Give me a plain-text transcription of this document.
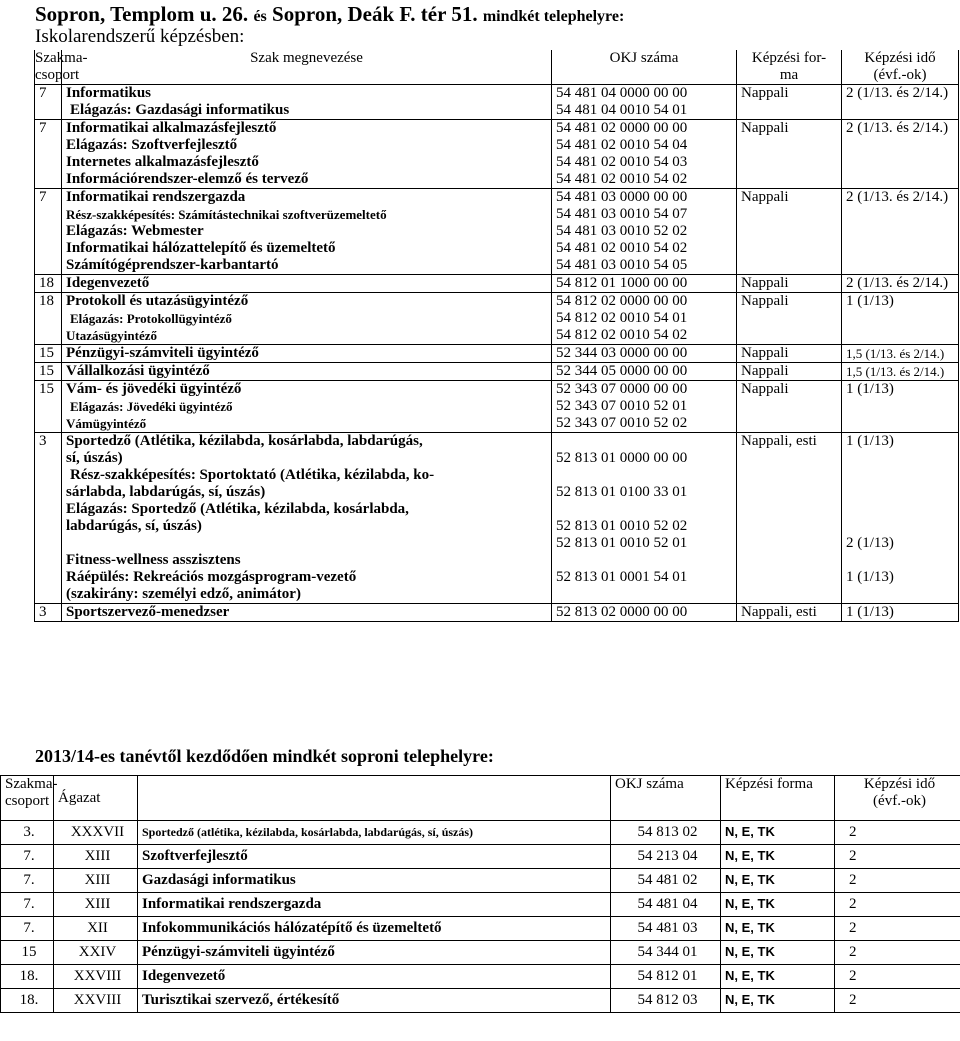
Sopron, Templom u. 26. és Sopron, Deák F. tér 51. mindkét telephelyre:
Iskolarendszerű képzésben:
Szakma-
csoport	Szak megnevezése	OKJ száma	Képzési for-
ma	Képzési idő
(évf.-ok)
7	Informatikus	54 481 04 0000 00 00	Nappali	2 (1/13. és 2/14.)
	Elágazás: Gazdasági informatikus	54 481 04 0010 54 01		
7	Informatikai alkalmazásfejlesztő	54 481 02 0000 00 00	Nappali	2 (1/13. és 2/14.)
	Elágazás: Szoftverfejlesztő	54 481 02 0010 54 04		
	Internetes alkalmazásfejlesztő	54 481 02 0010 54 03		
	Információrendszer-elemző és tervező	54 481 02 0010 54 02		
7	Informatikai rendszergazda	54 481 03 0000 00 00	Nappali	2 (1/13. és 2/14.)
	Rész-szakképesítés: Számítástechnikai szoftverüzemeltető	54 481 03 0010 54 07		
	Elágazás: Webmester	54 481 03 0010 52 02		
	Informatikai hálózattelepítő és üzemeltető	54 481 02 0010 54 02		
	Számítógéprendszer-karbantartó	54 481 03 0010 54 05		
18	Idegenvezető	54 812 01 1000 00 00	Nappali	2 (1/13. és 2/14.)
18	Protokoll és utazásügyintéző	54 812 02 0000 00 00	Nappali	1 (1/13)
	Elágazás: Protokollügyintéző	54 812 02 0010 54 01		
	Utazásügyintéző	54 812 02 0010 54 02		
15	Pénzügyi-számviteli ügyintéző	52 344 03 0000 00 00	Nappali	1,5 (1/13. és 2/14.)
15	Vállalkozási ügyintéző	52 344 05 0000 00 00	Nappali	1,5 (1/13. és 2/14.)
15	Vám- és jövedéki ügyintéző	52 343 07 0000 00 00	Nappali	1 (1/13)
	Elágazás: Jövedéki ügyintéző	52 343 07 0010 52 01		
	Vámügyintéző	52 343 07 0010 52 02		
3	Sportedző (Atlétika, kézilabda, kosárlabda, labdarúgás,		Nappali, esti	1 (1/13)
	sí, úszás)	52 813 01 0000 00 00		
	Rész-szakképesítés: Sportoktató (Atlétika, kézilabda, ko-			
	sárlabda, labdarúgás, sí, úszás)	52 813 01 0100 33 01		
	Elágazás: Sportedző (Atlétika, kézilabda, kosárlabda,			
	labdarúgás, sí, úszás)	52 813 01 0010 52 02		
		52 813 01 0010 52 01		2 (1/13)
	Fitness-wellness asszisztens			
	Ráépülés: Rekreációs mozgásprogram-vezető	52 813 01 0001 54 01		1 (1/13)
	(szakirány: személyi edző, animátor)			
3	Sportszervező-menedzser	52 813 02 0000 00 00	Nappali, esti	1 (1/13)
2013/14-es tanévtől kezdődően mindkét soproni telephelyre:
Szakma-
csoport	Ágazat		OKJ száma	Képzési forma	Képzési idő
(évf.-ok)
3.	XXXVII	Sportedző (atlétika, kézilabda, kosárlabda, labdarúgás, sí, úszás)	54 813 02	N, E, TK	2
7.	XIII	Szoftverfejlesztő	54 213 04	N, E, TK	2
7.	XIII	Gazdasági informatikus	54 481 02	N, E, TK	2
7.	XIII	Informatikai rendszergazda	54 481 04	N, E, TK	2
7.	XII	Infokommunikációs hálózatépítő és üzemeltető	54 481 03	N, E, TK	2
15	XXIV	Pénzügyi-számviteli ügyintéző	54 344 01	N, E, TK	2
18.	XXVIII	Idegenvezető	54 812 01	N, E, TK	2
18.	XXVIII	Turisztikai szervező, értékesítő	54 812 03	N, E, TK	2
